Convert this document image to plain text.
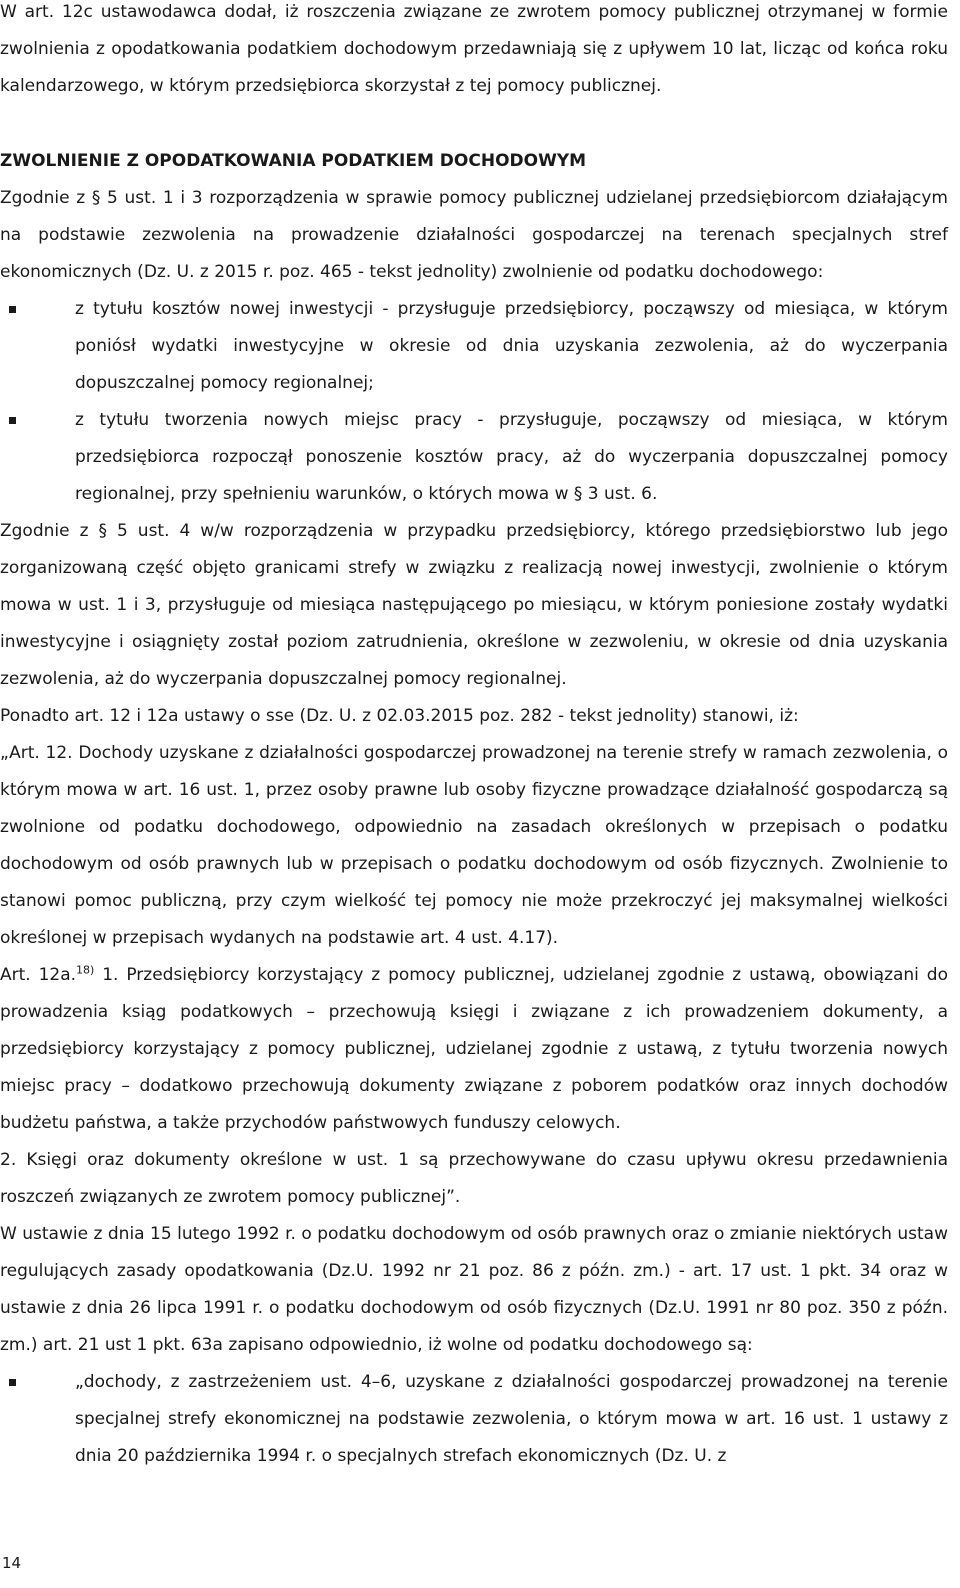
W art. 12c ustawodawca dodał, iż roszczenia związane ze zwrotem pomocy publicznej otrzymanej w formie zwolnienia z opodatkowania podatkiem dochodowym przedawniają się z upływem 10 lat, licząc od końca roku kalendarzowego, w którym przedsiębiorca skorzystał z tej pomocy publicznej.

ZWOLNIENIE Z OPODATKOWANIA PODATKIEM DOCHODOWYM

Zgodnie z § 5 ust. 1 i 3 rozporządzenia w sprawie pomocy publicznej udzielanej przedsiębiorcom działającym na podstawie zezwolenia na prowadzenie działalności gospodarczej na terenach specjalnych stref ekonomicznych (Dz. U. z 2015 r. poz. 465 - tekst jednolity) zwolnienie od podatku dochodowego:

z tytułu kosztów nowej inwestycji - przysługuje przedsiębiorcy, począwszy od miesiąca, w którym poniósł wydatki inwestycyjne w okresie od dnia uzyskania zezwolenia, aż do wyczerpania dopuszczalnej pomocy regionalnej;
z tytułu tworzenia nowych miejsc pracy - przysługuje, począwszy od miesiąca, w którym przedsiębiorca rozpoczął ponoszenie kosztów pracy, aż do wyczerpania dopuszczalnej pomocy regionalnej, przy spełnieniu warunków, o których mowa w § 3 ust. 6.

Zgodnie z § 5 ust. 4 w/w rozporządzenia w przypadku przedsiębiorcy, którego przedsiębiorstwo lub jego zorganizowaną część objęto granicami strefy w związku z realizacją nowej inwestycji, zwolnienie o którym mowa w ust. 1 i 3, przysługuje od miesiąca następującego po miesiącu, w którym poniesione zostały wydatki inwestycyjne i osiągnięty został poziom zatrudnienia, określone w zezwoleniu, w okresie od dnia uzyskania zezwolenia, aż do wyczerpania dopuszczalnej pomocy regionalnej.

Ponadto art. 12 i 12a ustawy o sse (Dz. U. z 02.03.2015 poz. 282 - tekst jednolity) stanowi, iż:

„Art. 12. Dochody uzyskane z działalności gospodarczej prowadzonej na terenie strefy w ramach zezwolenia, o którym mowa w art. 16 ust. 1, przez osoby prawne lub osoby fizyczne prowadzące działalność gospodarczą są zwolnione od podatku dochodowego, odpowiednio na zasadach określonych w przepisach o podatku dochodowym od osób prawnych lub w przepisach o podatku dochodowym od osób fizycznych. Zwolnienie to stanowi pomoc publiczną, przy czym wielkość tej pomocy nie może przekroczyć jej maksymalnej wielkości określonej w przepisach wydanych na podstawie art. 4 ust. 4.17).

Art. 12a.$^{18)}$ 1. Przedsiębiorcy korzystający z pomocy publicznej, udzielanej zgodnie z ustawą, obowiązani do prowadzenia ksiąg podatkowych – przechowują księgi i związane z ich prowadzeniem dokumenty, a przedsiębiorcy korzystający z pomocy publicznej, udzielanej zgodnie z ustawą, z tytułu tworzenia nowych miejsc pracy – dodatkowo przechowują dokumenty związane z poborem podatków oraz innych dochodów budżetu państwa, a także przychodów państwowych funduszy celowych.

2. Księgi oraz dokumenty określone w ust. 1 są przechowywane do czasu upływu okresu przedawnienia roszczeń związanych ze zwrotem pomocy publicznej”.

W ustawie z dnia 15 lutego 1992 r. o podatku dochodowym od osób prawnych oraz o zmianie niektórych ustaw regulujących zasady opodatkowania (Dz.U. 1992 nr 21 poz. 86 z późn. zm.) - art. 17 ust. 1 pkt. 34 oraz w ustawie z dnia 26 lipca 1991 r. o podatku dochodowym od osób fizycznych (Dz.U. 1991 nr 80 poz. 350 z późn. zm.) art. 21 ust 1 pkt. 63a zapisano odpowiednio, iż wolne od podatku dochodowego są:

„dochody, z zastrzeżeniem ust. 4–6, uzyskane z działalności gospodarczej prowadzonej na terenie specjalnej strefy ekonomicznej na podstawie zezwolenia, o którym mowa w art. 16 ust. 1 ustawy z dnia 20 października 1994 r. o specjalnych strefach ekonomicznych (Dz. U. z
14
